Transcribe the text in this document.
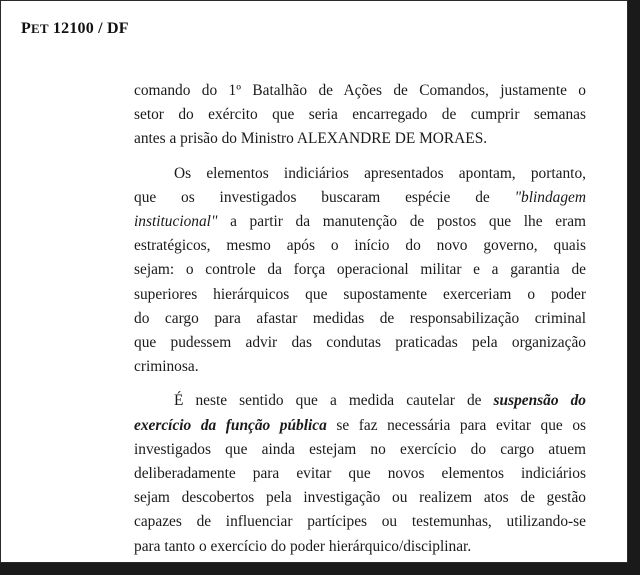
PET 12100 / DF
comando do 1º Batalhão de Ações de Comandos, justamente o
setor do exército que seria encarregado de cumprir semanas
antes a prisão do Ministro ALEXANDRE DE MORAES.
Os elementos indiciários apresentados apontam, portanto,
que os investigados buscaram espécie de "blindagem
institucional" a partir da manutenção de postos que lhe eram
estratégicos, mesmo após o início do novo governo, quais
sejam: o controle da força operacional militar e a garantia de
superiores hierárquicos que supostamente exerceriam o poder
do cargo para afastar medidas de responsabilização criminal
que pudessem advir das condutas praticadas pela organização
criminosa.
É neste sentido que a medida cautelar de suspensão do
exercício da função pública se faz necessária para evitar que os
investigados que ainda estejam no exercício do cargo atuem
deliberadamente para evitar que novos elementos indiciários
sejam descobertos pela investigação ou realizem atos de gestão
capazes de influenciar partícipes ou testemunhas, utilizando-se
para tanto o exercício do poder hierárquico/disciplinar.
